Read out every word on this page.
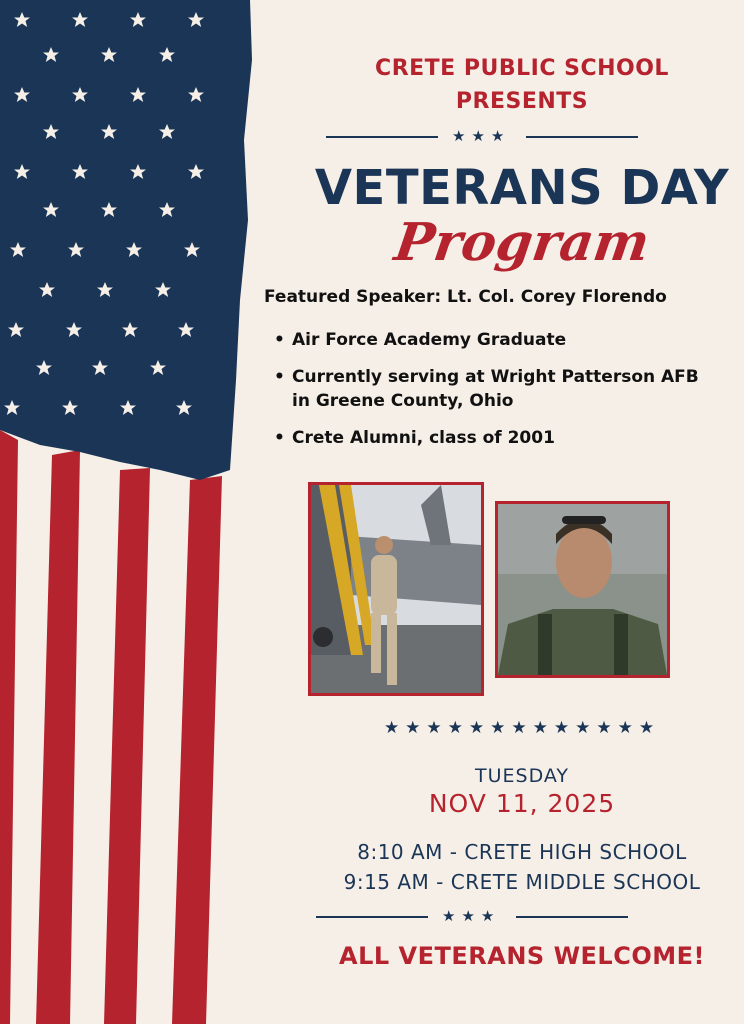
CRETE PUBLIC SCHOOL
PRESENTS
★★★
VETERANS DAY
Program
Featured Speaker: Lt. Col. Corey Florendo
• Air Force Academy Graduate
• Currently serving at Wright Patterson AFB in Greene County, Ohio
• Crete Alumni, class of 2001
★★★★★★★★★★★★★
TUESDAY
NOV 11, 2025
8:10 AM - CRETE HIGH SCHOOL
9:15 AM - CRETE MIDDLE SCHOOL
★★★
ALL VETERANS WELCOME!
